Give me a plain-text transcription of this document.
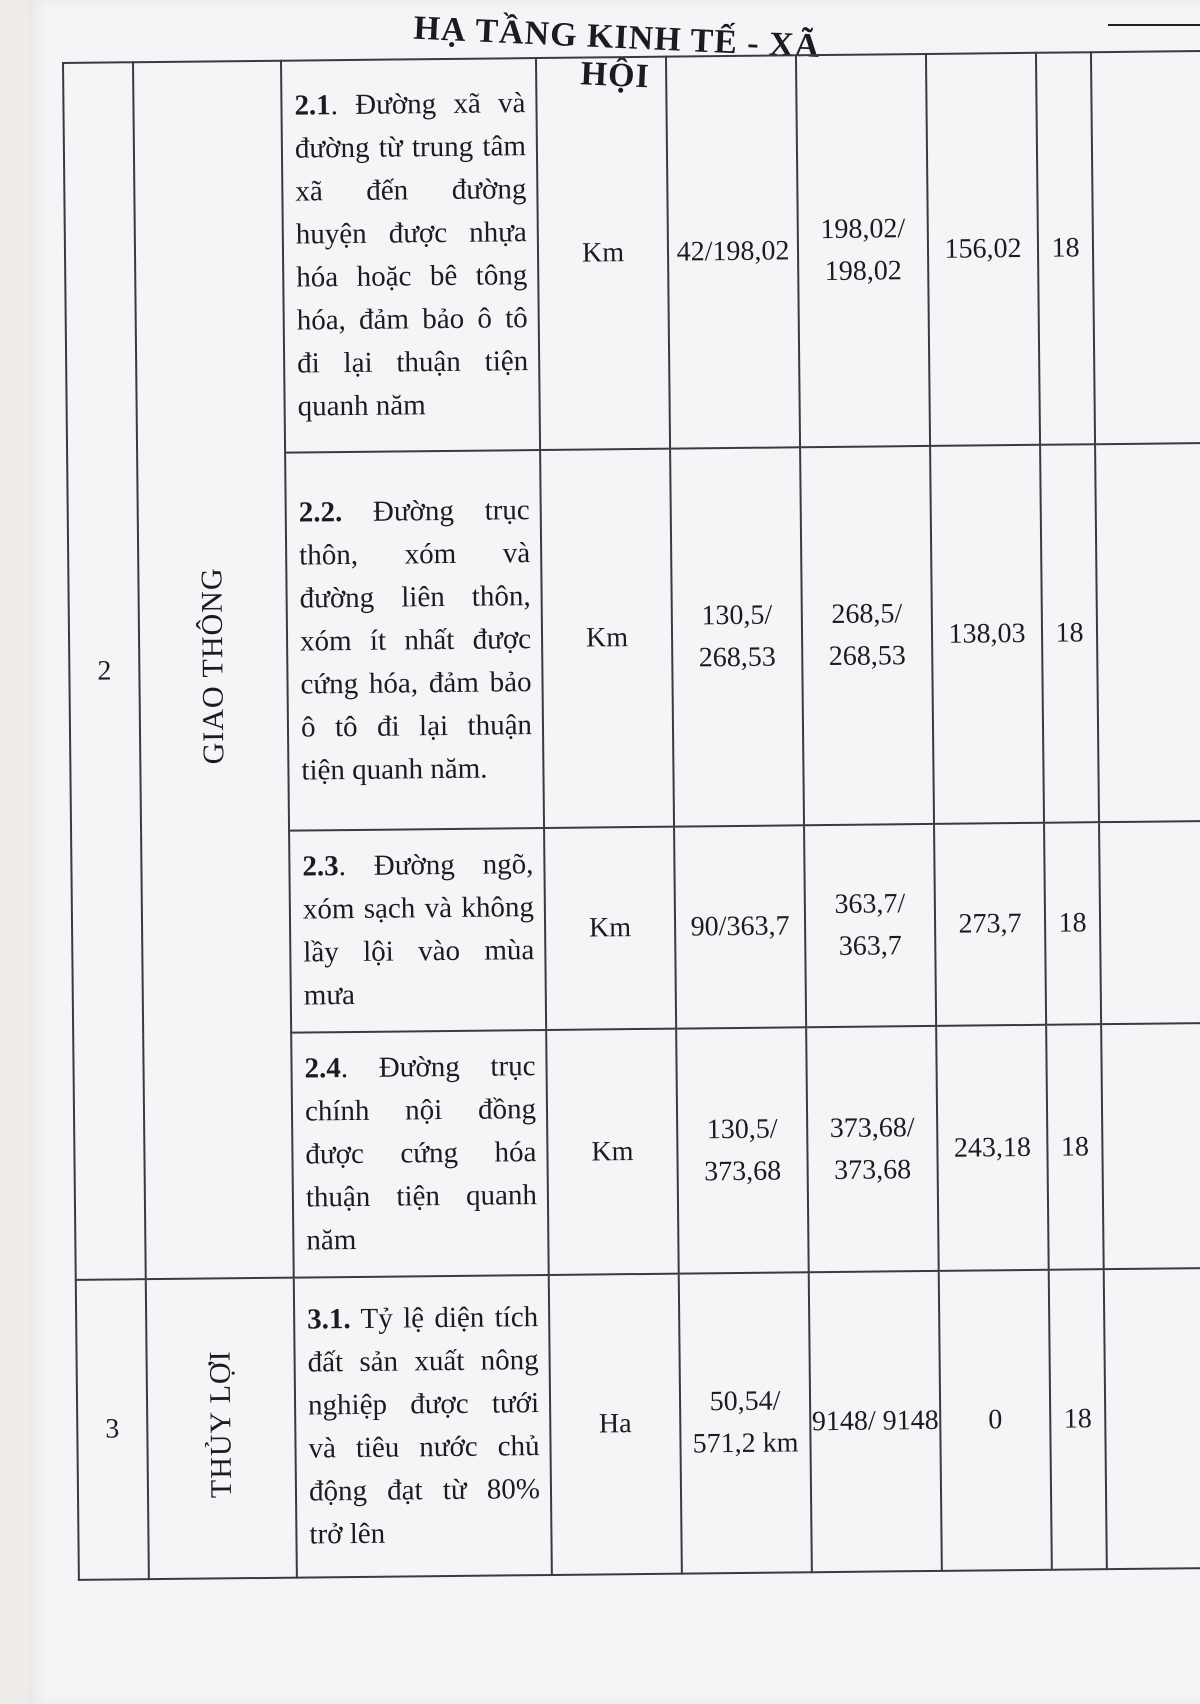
HẠ TẦNG KINH TẾ - XÃ HỘI
2	GIAO THÔNG	2.1. Đường xã và đường từ trung tâm xã đến đường huyện được nhựa hóa hoặc bê tông hóa, đảm bảo ô tô đi lại thuận tiện quanh năm	Km	42/198,02	198,02/ 198,02	156,02	18	
		2.2. Đường trục thôn, xóm và đường liên thôn, xóm ít nhất được cứng hóa, đảm bảo ô tô đi lại thuận tiện quanh năm.	Km	130,5/ 268,53	268,5/ 268,53	138,03	18	
		2.3. Đường ngõ, xóm sạch và không lầy lội vào mùa mưa	Km	90/363,7	363,7/ 363,7	273,7	18	
		2.4. Đường trục chính nội đồng được cứng hóa thuận tiện quanh năm	Km	130,5/ 373,68	373,68/ 373,68	243,18	18	
3	THỦY LỢI	3.1. Tỷ lệ diện tích đất sản xuất nông nghiệp được tưới và tiêu nước chủ động đạt từ 80% trở lên	Ha	50,54/ 571,2 km	9148/ 9148	0	18	
